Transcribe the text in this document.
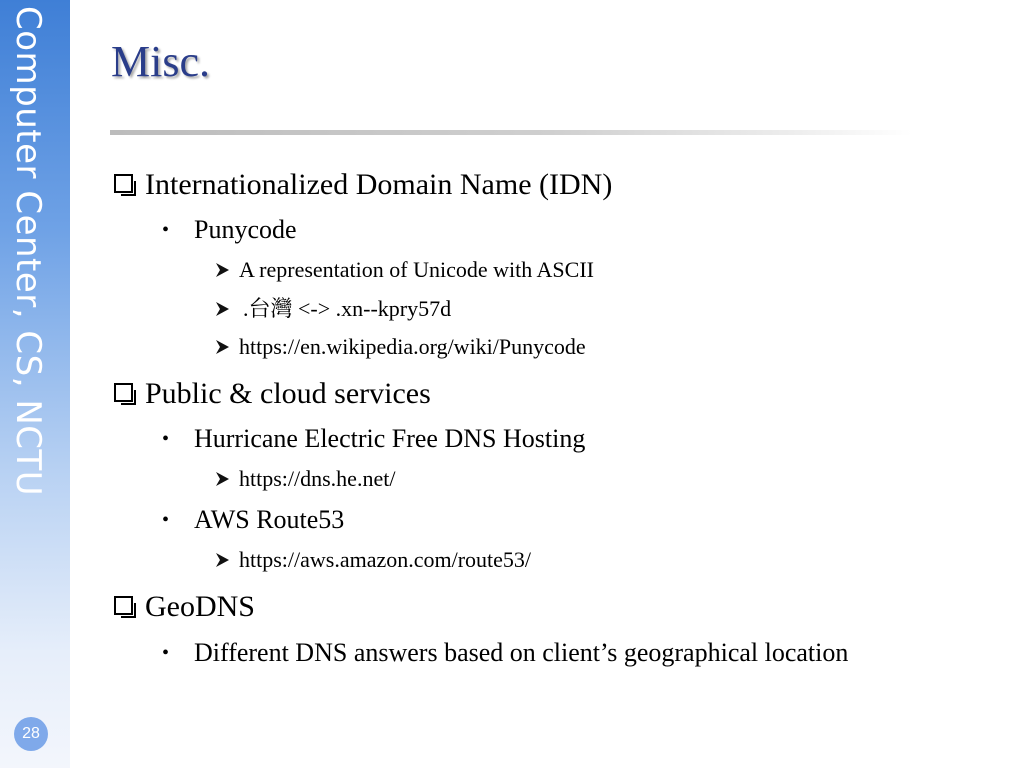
Computer Center, CS, NCTU
28
Misc.
Internationalized Domain Name (IDN)
• Punycode
A representation of Unicode with ASCII
.台灣 <-> .xn--kpry57d
https://en.wikipedia.org/wiki/Punycode
Public & cloud services
• Hurricane Electric Free DNS Hosting
https://dns.he.net/
• AWS Route53
https://aws.amazon.com/route53/
GeoDNS
• Different DNS answers based on client’s geographical location
